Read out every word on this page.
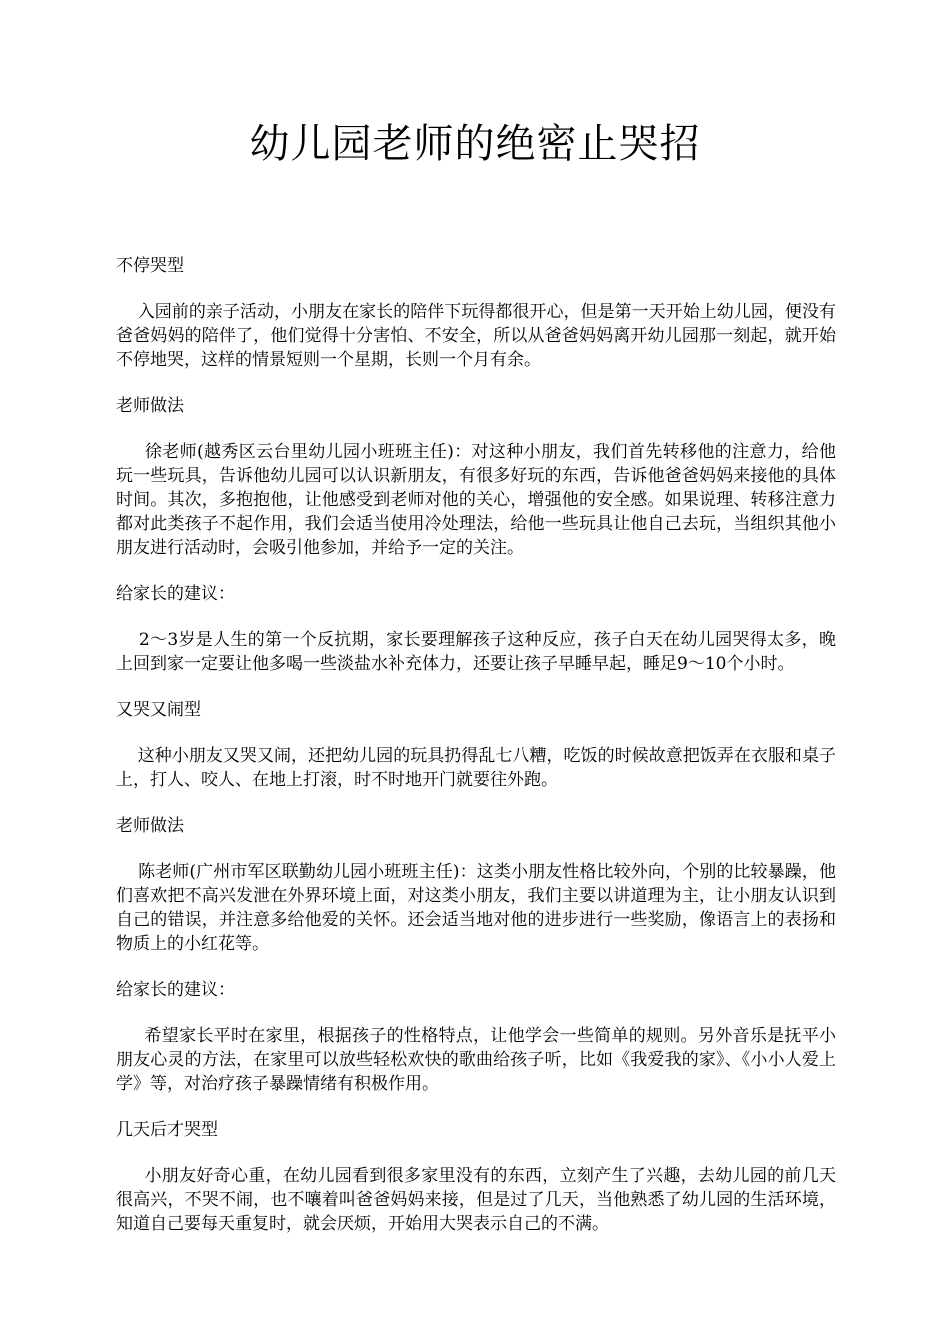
幼儿园老师的绝密止哭招

不停哭型

入园前的亲子活动，小朋友在家长的陪伴下玩得都很开心，但是第一天开始上幼儿园，便没有爸爸妈妈的陪伴了，他们觉得十分害怕、不安全，所以从爸爸妈妈离开幼儿园那一刻起，就开始不停地哭，这样的情景短则一个星期，长则一个月有余。

老师做法

徐老师(越秀区云台里幼儿园小班班主任)：对这种小朋友，我们首先转移他的注意力，给他玩一些玩具，告诉他幼儿园可以认识新朋友，有很多好玩的东西，告诉他爸爸妈妈来接他的具体时间。其次，多抱抱他，让他感受到老师对他的关心，增强他的安全感。如果说理、转移注意力都对此类孩子不起作用，我们会适当使用冷处理法，给他一些玩具让他自己去玩，当组织其他小朋友进行活动时，会吸引他参加，并给予一定的关注。

给家长的建议：

2～3岁是人生的第一个反抗期，家长要理解孩子这种反应，孩子白天在幼儿园哭得太多，晚上回到家一定要让他多喝一些淡盐水补充体力，还要让孩子早睡早起，睡足9～10个小时。

又哭又闹型

这种小朋友又哭又闹，还把幼儿园的玩具扔得乱七八糟，吃饭的时候故意把饭弄在衣服和桌子上，打人、咬人、在地上打滚，时不时地开门就要往外跑。

老师做法

陈老师(广州市军区联勤幼儿园小班班主任)：这类小朋友性格比较外向，个别的比较暴躁，他们喜欢把不高兴发泄在外界环境上面，对这类小朋友，我们主要以讲道理为主，让小朋友认识到自己的错误，并注意多给他爱的关怀。还会适当地对他的进步进行一些奖励，像语言上的表扬和物质上的小红花等。

给家长的建议：

希望家长平时在家里，根据孩子的性格特点，让他学会一些简单的规则。另外音乐是抚平小朋友心灵的方法，在家里可以放些轻松欢快的歌曲给孩子听，比如《我爱我的家》、《小小人爱上学》等，对治疗孩子暴躁情绪有积极作用。

几天后才哭型

小朋友好奇心重，在幼儿园看到很多家里没有的东西，立刻产生了兴趣，去幼儿园的前几天很高兴，不哭不闹，也不嚷着叫爸爸妈妈来接，但是过了几天，当他熟悉了幼儿园的生活环境，知道自己要每天重复时，就会厌烦，开始用大哭表示自己的不满。
